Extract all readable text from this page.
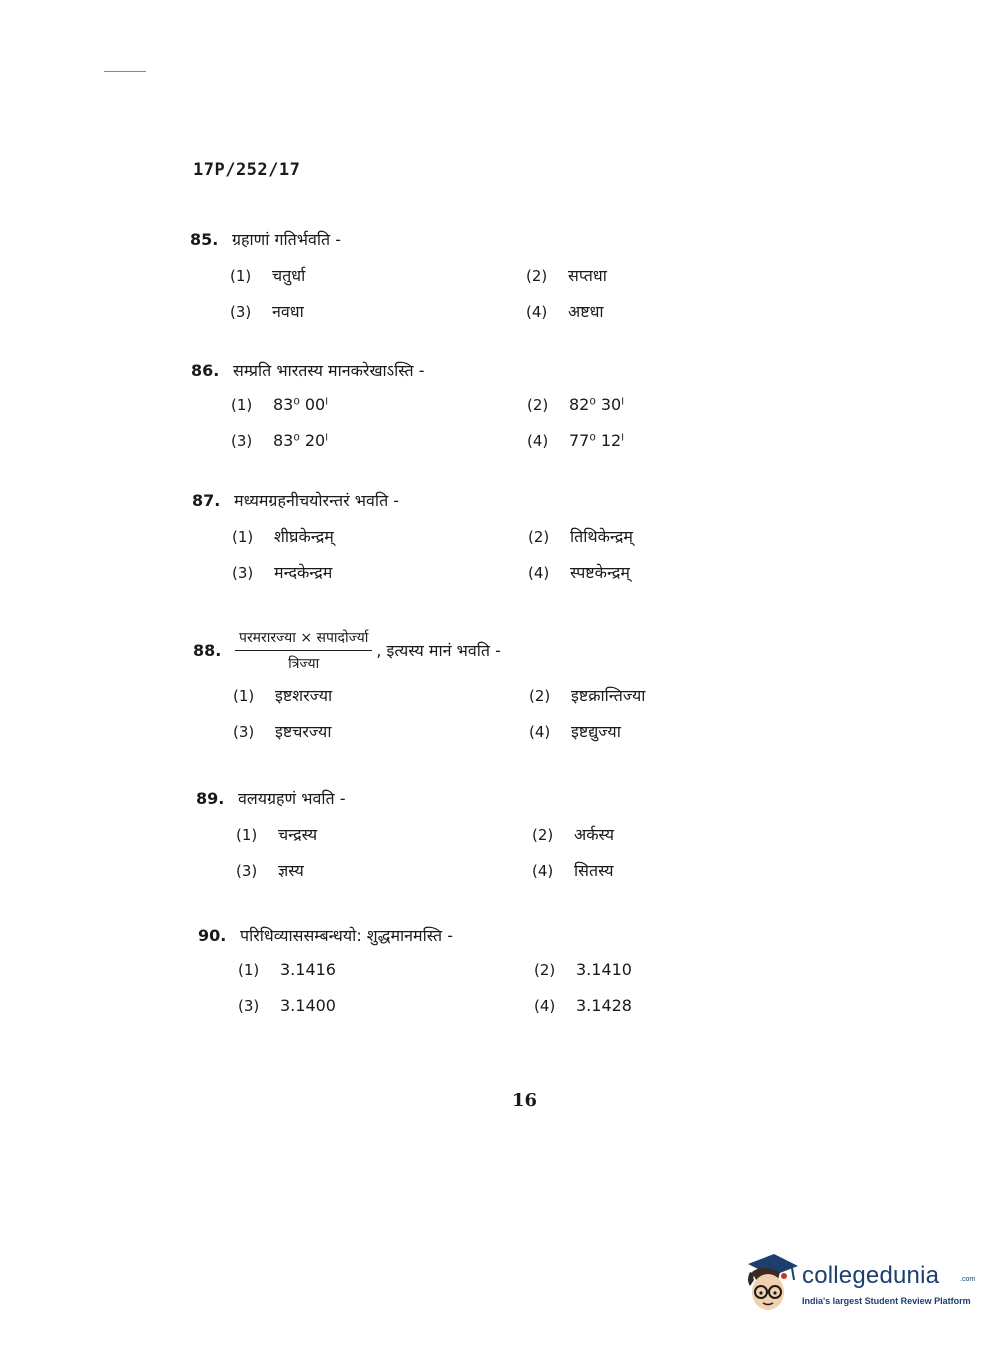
17P/252/17
85. ग्रहाणां गतिर्भवति -
(1)	चतुर्धा	(2)	सप्तधा
(3)	नवधा	(4)	अष्टधा
86. सम्प्रति भारतस्य मानकरेखाऽस्ति -
(1)	83⁰ 00ˡ	(2)	82⁰ 30ˡ
(3)	83⁰ 20ˡ	(4)	77⁰ 12ˡ
87. मध्यमग्रहनीचयोरन्तरं भवति -
(1)	शीघ्रकेन्द्रम्	(2)	तिथिकेन्द्रम्
(3)	मन्दकेन्द्रम	(4)	स्पष्टकेन्द्रम्
88. $\frac{\text{परमरारज्या × सपादोर्ज्या}}{\text{त्रिज्या}}$ , इत्यस्य मानं भवति -
(1)	इष्टशरज्या	(2)	इष्टक्रान्तिज्या
(3)	इष्टचरज्या	(4)	इष्टद्युज्या
89. वलयग्रहणं भवति -
(1)	चन्द्रस्य	(2)	अर्कस्य
(3)	ज्ञस्य	(4)	सितस्य
90. परिधिव्याससम्बन्धयो: शुद्धमानमस्ति -
(1)	3.1416	(2)	3.1410
(3)	3.1400	(4)	3.1428
16
collegedunia	.com
India's largest Student Review Platform
